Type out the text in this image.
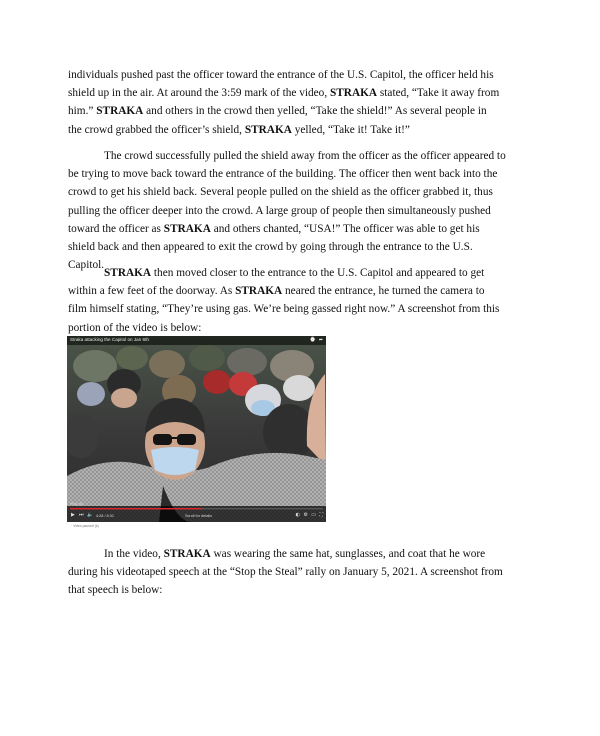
individuals pushed past the officer toward the entrance of the U.S. Capitol, the officer held his
shield up in the air. At around the 3:59 mark of the video, STRAKA stated, “Take it away from
him.” STRAKA and others in the crowd then yelled, “Take the shield!” As several people in
the crowd grabbed the officer’s shield, STRAKA yelled, “Take it! Take it!”

The crowd successfully pulled the shield away from the officer as the officer appeared to
be trying to move back toward the entrance of the building. The officer then went back into the
crowd to get his shield back. Several people pulled on the shield as the officer grabbed it, thus
pulling the officer deeper into the crowd. A large group of people then simultaneously pushed
toward the officer as STRAKA and others chanted, “USA!” The officer was able to get his
shield back and then appeared to exit the crowd by going through the entrance to the U.S.
Capitol.

STRAKA then moved closer to the entrance to the U.S. Capitol and appeared to get
within a few feet of the doorway. As STRAKA neared the entrance, he turned the camera to
film himself stating, “They’re using gas. We’re being gassed right now.” A screenshot from this
portion of the video is below:

Straka attacking the Capitol on Jan 6th	⌚ ➦
Play (k)
▶ ⏭ 🔈 4:28 / 8:31	Scroll for details	◐ ⚙ ▭ ⛶
· Video paused (k)

In the video, STRAKA was wearing the same hat, sunglasses, and coat that he wore
during his videotaped speech at the “Stop the Steal” rally on January 5, 2021. A screenshot from
that speech is below:
